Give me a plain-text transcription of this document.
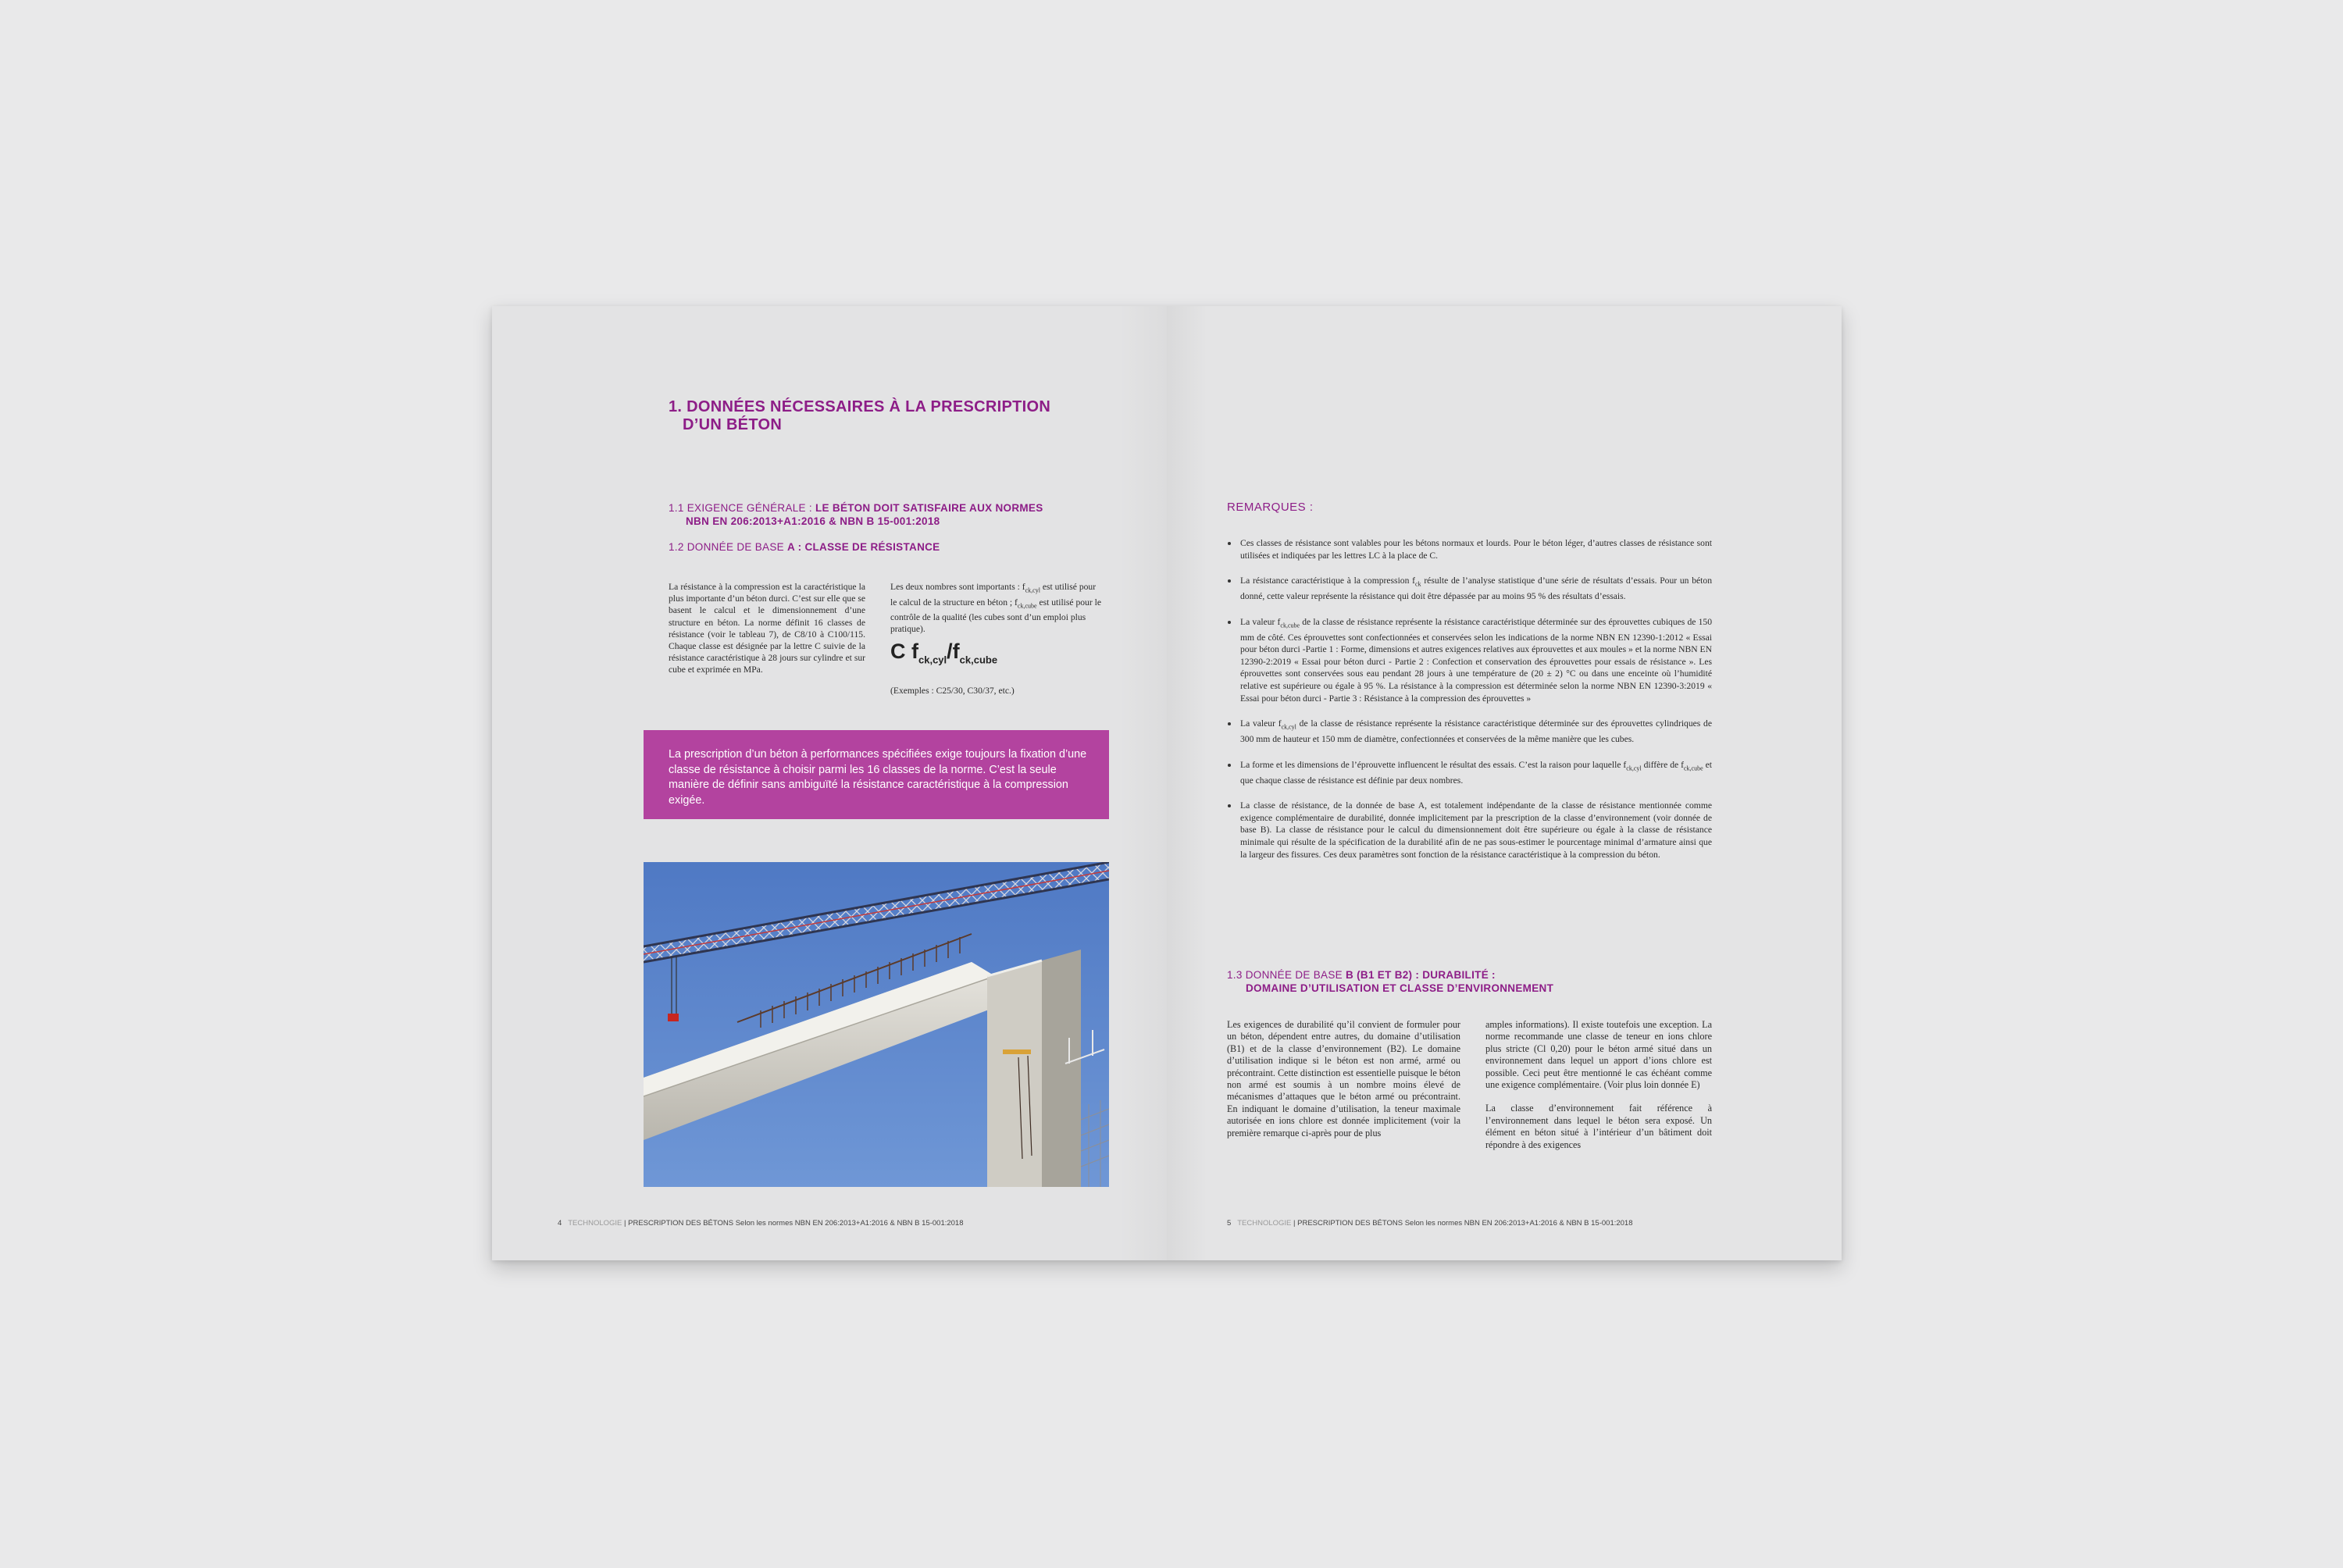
1. DONNÉES NÉCESSAIRES À LA PRESCRIPTION
D’UN BÉTON
1.1 EXIGENCE GÉNÉRALE : LE BÉTON DOIT SATISFAIRE AUX NORMES
NBN EN 206:2013+A1:2016 & NBN B 15-001:2018
1.2 DONNÉE DE BASE A : CLASSE DE RÉSISTANCE
La résistance à la compression est la caractéristique la plus importante d’un béton durci. C’est sur elle que se basent le calcul et le dimensionnement d’une structure en béton. La norme définit 16 classes de résistance (voir le tableau 7), de C8/10 à C100/115. Chaque classe est désignée par la lettre C suivie de la résistance caractéristique à 28 jours sur cylindre et sur cube et exprimée en MPa.
Les deux nombres sont importants : $f_{ck,cyl}$ est utilisé pour le calcul de la structure en béton ; $f_{ck,cube}$ est utilisé pour le contrôle de la qualité (les cubes sont d’un emploi plus pratique).
C $f_{ck,cyl}/f_{ck,cube}$
(Exemples : C25/30, C30/37, etc.)

La prescription d’un béton à performances spécifiées exige toujours la fixation d’une classe de résistance à choisir parmi les 16 classes de la norme. C’est la seule manière de définir sans ambiguïté la résistance caractéristique à la compression exigée.

4 TECHNOLOGIE | PRESCRIPTION DES BÉTONS Selon les normes NBN EN 206:2013+A1:2016 & NBN B 15-001:2018
REMARQUES :
Ces classes de résistance sont valables pour les bétons normaux et lourds. Pour le béton léger, d’autres classes de résistance sont utilisées et indiquées par les lettres LC à la place de C.
La résistance caractéristique à la compression $f_{ck}$ résulte de l’analyse statistique d’une série de résultats d’essais. Pour un béton donné, cette valeur représente la résistance qui doit être dépassée par au moins 95 % des résultats d’essais.
La valeur $f_{ck,cube}$ de la classe de résistance représente la résistance caractéristique déterminée sur des éprouvettes cubiques de 150 mm de côté. Ces éprouvettes sont confectionnées et conservées selon les indications de la norme NBN EN 12390-1:2012 « Essai pour béton durci -Partie 1 : Forme, dimensions et autres exigences relatives aux éprouvettes et aux moules » et la norme NBN EN 12390-2:2019 « Essai pour béton durci - Partie 2 : Confection et conservation des éprouvettes pour essais de résistance ». Les éprouvettes sont conservées sous eau pendant 28 jours à une température de (20 ± 2) °C ou dans une enceinte où l’humidité relative est supérieure ou égale à 95 %. La résistance à la compression est déterminée selon la norme NBN EN 12390-3:2019 « Essai pour béton durci - Partie 3 : Résistance à la compression des éprouvettes »
La valeur $f_{ck,cyl}$ de la classe de résistance représente la résistance caractéristique déterminée sur des éprouvettes cylindriques de 300 mm de hauteur et 150 mm de diamètre, confectionnées et conservées de la même manière que les cubes.
La forme et les dimensions de l’éprouvette influencent le résultat des essais. C’est la raison pour laquelle $f_{ck,cyl}$ diffère de $f_{ck,cube}$ et que chaque classe de résistance est définie par deux nombres.
La classe de résistance, de la donnée de base A, est totalement indépendante de la classe de résistance mentionnée comme exigence complémentaire de durabilité, donnée implicitement par la prescription de la classe d’environnement (voir donnée de base B). La classe de résistance pour le calcul du dimensionnement doit être supérieure ou égale à la classe de résistance minimale qui résulte de la spécification de la durabilité afin de ne pas sous-estimer le pourcentage minimal d’armature ainsi que la largeur des fissures. Ces deux paramètres sont fonction de la résistance caractéristique à la compression du béton.
1.3 DONNÉE DE BASE B (B1 ET B2) : DURABILITÉ :
DOMAINE D’UTILISATION ET CLASSE D’ENVIRONNEMENT
Les exigences de durabilité qu’il convient de formuler pour un béton, dépendent entre autres, du domaine d’utilisation (B1) et de la classe d’environnement (B2). Le domaine d’utilisation indique si le béton est non armé, armé ou précontraint. Cette distinction est essentielle puisque le béton non armé est soumis à un nombre moins élevé de mécanismes d’attaques que le béton armé ou précontraint. En indiquant le domaine d’utilisation, la teneur maximale autorisée en ions chlore est donnée implicitement (voir la première remarque ci-après pour de plus
amples informations). Il existe toutefois une exception. La norme recommande une classe de teneur en ions chlore plus stricte (Cl 0,20) pour le béton armé situé dans un environnement dans lequel un apport d’ions chlore est possible. Ceci peut être mentionné le cas échéant comme une exigence complémentaire. (Voir plus loin donnée E)
La classe d’environnement fait référence à l’environnement dans lequel le béton sera exposé. Un élément en béton situé à l’intérieur d’un bâtiment doit répondre à des exigences
5 TECHNOLOGIE | PRESCRIPTION DES BÉTONS Selon les normes NBN EN 206:2013+A1:2016 & NBN B 15-001:2018
